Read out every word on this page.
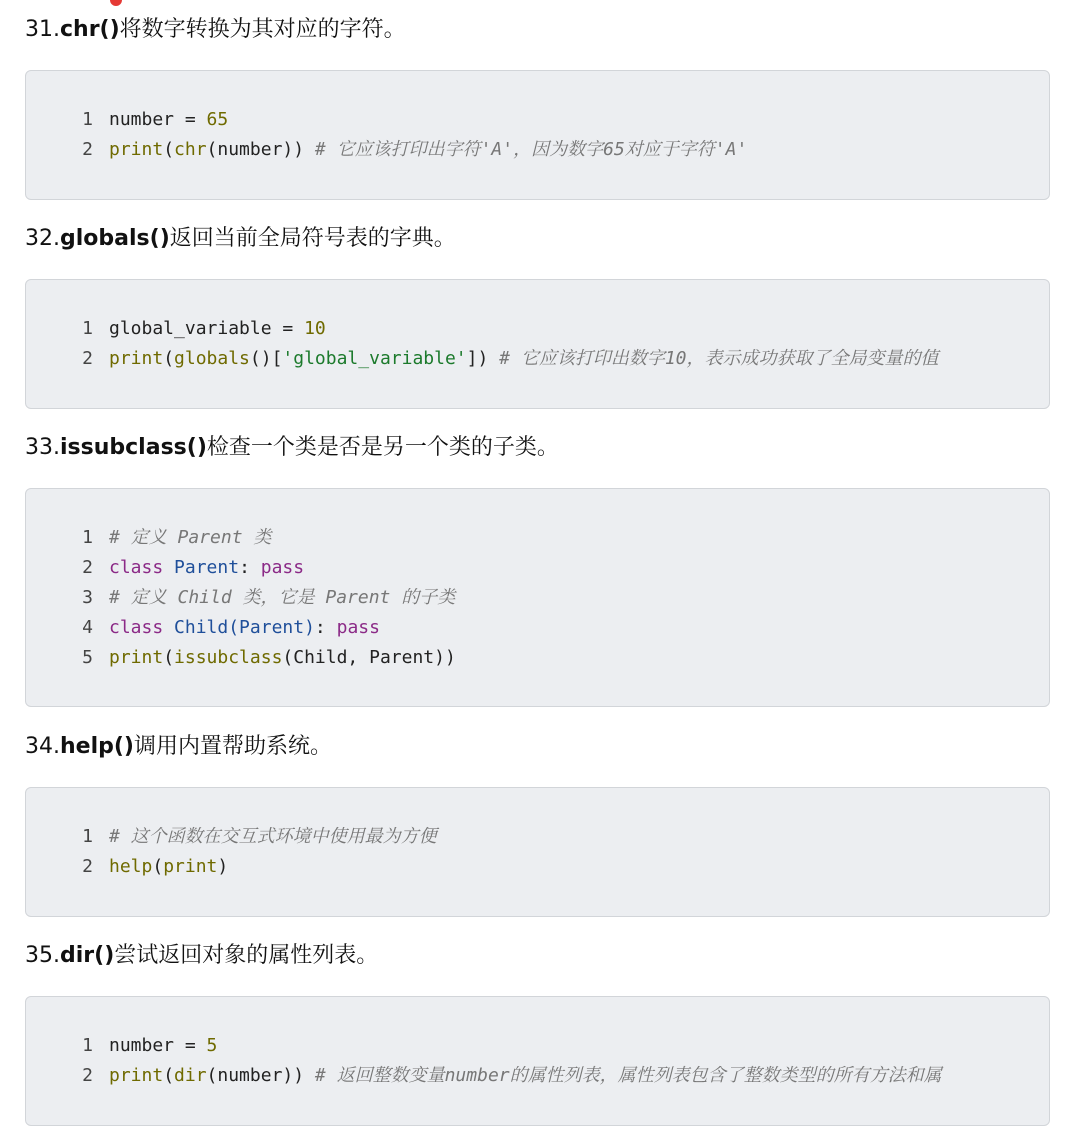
31.chr()将数字转换为其对应的字符。
1 number = 65
2 print(chr(number)) # 它应该打印出字符'A'，因为数字65对应于字符'A'
32.globals()返回当前全局符号表的字典。
1 global_variable = 10
2 print(globals()['global_variable']) # 它应该打印出数字10，表示成功获取了全局变量的值
33.issubclass()检查一个类是否是另一个类的子类。
1 # 定义 Parent 类
2 class Parent: pass
3 # 定义 Child 类，它是 Parent 的子类
4 class Child(Parent): pass
5 print(issubclass(Child, Parent))
34.help()调用内置帮助系统。
1 # 这个函数在交互式环境中使用最为方便
2 help(print)
35.dir()尝试返回对象的属性列表。
1 number = 5
2 print(dir(number)) # 返回整数变量number的属性列表，属性列表包含了整数类型的所有方法和属
